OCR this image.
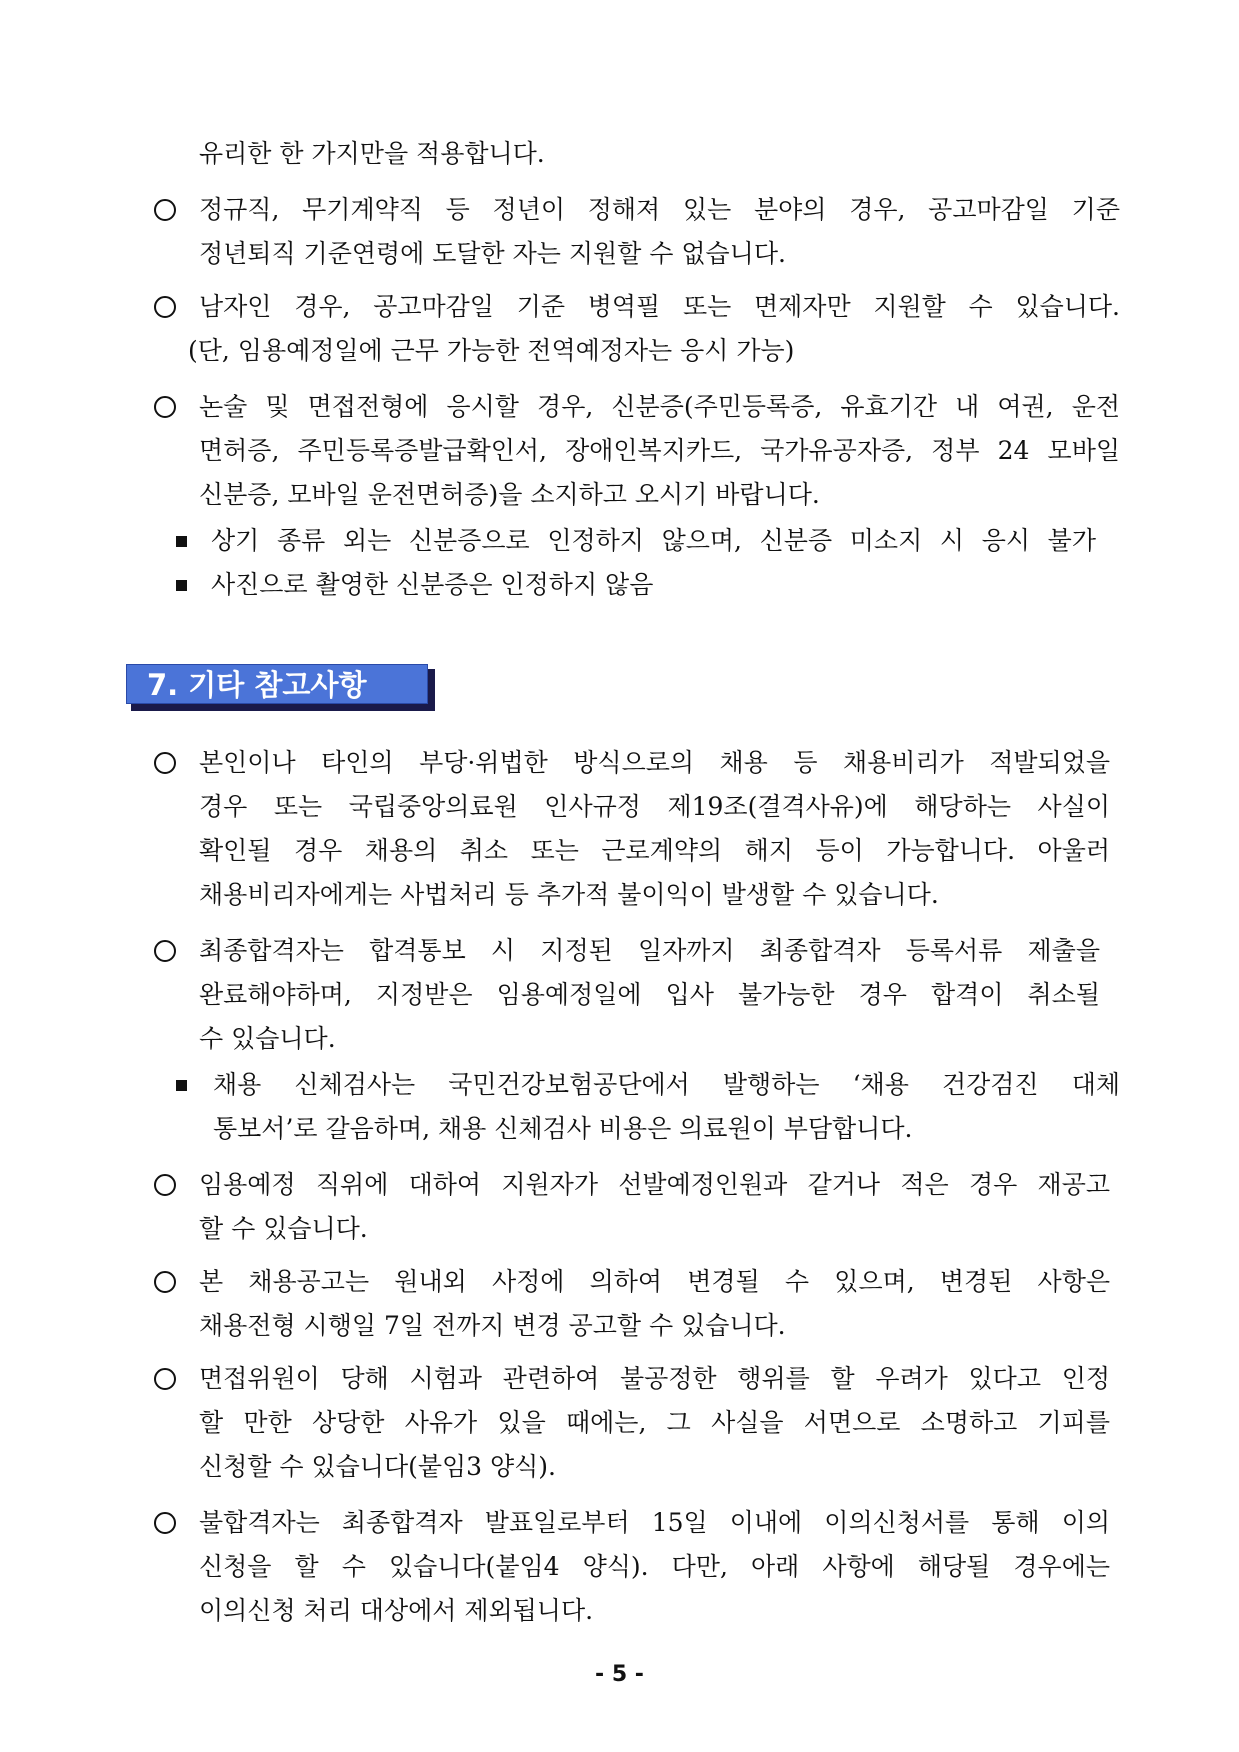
유리한 한 가지만을 적용합니다.
정규직, 무기계약직 등 정년이 정해져 있는 분야의 경우, 공고마감일 기준
정년퇴직 기준연령에 도달한 자는 지원할 수 없습니다.
남자인 경우, 공고마감일 기준 병역필 또는 면제자만 지원할 수 있습니다.
(단, 임용예정일에 근무 가능한 전역예정자는 응시 가능)
논술 및 면접전형에 응시할 경우, 신분증(주민등록증, 유효기간 내 여권, 운전
면허증, 주민등록증발급확인서, 장애인복지카드, 국가유공자증, 정부 24 모바일
신분증, 모바일 운전면허증)을 소지하고 오시기 바랍니다.
상기 종류 외는 신분증으로 인정하지 않으며, 신분증 미소지 시 응시 불가
사진으로 촬영한 신분증은 인정하지 않음
7. 기타 참고사항
본인이나 타인의 부당·위법한 방식으로의 채용 등 채용비리가 적발되었을
경우 또는 국립중앙의료원 인사규정 제19조(결격사유)에 해당하는 사실이
확인될 경우 채용의 취소 또는 근로계약의 해지 등이 가능합니다. 아울러
채용비리자에게는 사법처리 등 추가적 불이익이 발생할 수 있습니다.
최종합격자는 합격통보 시 지정된 일자까지 최종합격자 등록서류 제출을
완료해야하며, 지정받은 임용예정일에 입사 불가능한 경우 합격이 취소될
수 있습니다.
채용 신체검사는 국민건강보험공단에서 발행하는 ‘채용 건강검진 대체
통보서’로 갈음하며, 채용 신체검사 비용은 의료원이 부담합니다.
임용예정 직위에 대하여 지원자가 선발예정인원과 같거나 적은 경우 재공고
할 수 있습니다.
본 채용공고는 원내외 사정에 의하여 변경될 수 있으며, 변경된 사항은
채용전형 시행일 7일 전까지 변경 공고할 수 있습니다.
면접위원이 당해 시험과 관련하여 불공정한 행위를 할 우려가 있다고 인정
할 만한 상당한 사유가 있을 때에는, 그 사실을 서면으로 소명하고 기피를
신청할 수 있습니다(붙임3 양식).
불합격자는 최종합격자 발표일로부터 15일 이내에 이의신청서를 통해 이의
신청을 할 수 있습니다(붙임4 양식). 다만, 아래 사항에 해당될 경우에는
이의신청 처리 대상에서 제외됩니다.
- 5 -
